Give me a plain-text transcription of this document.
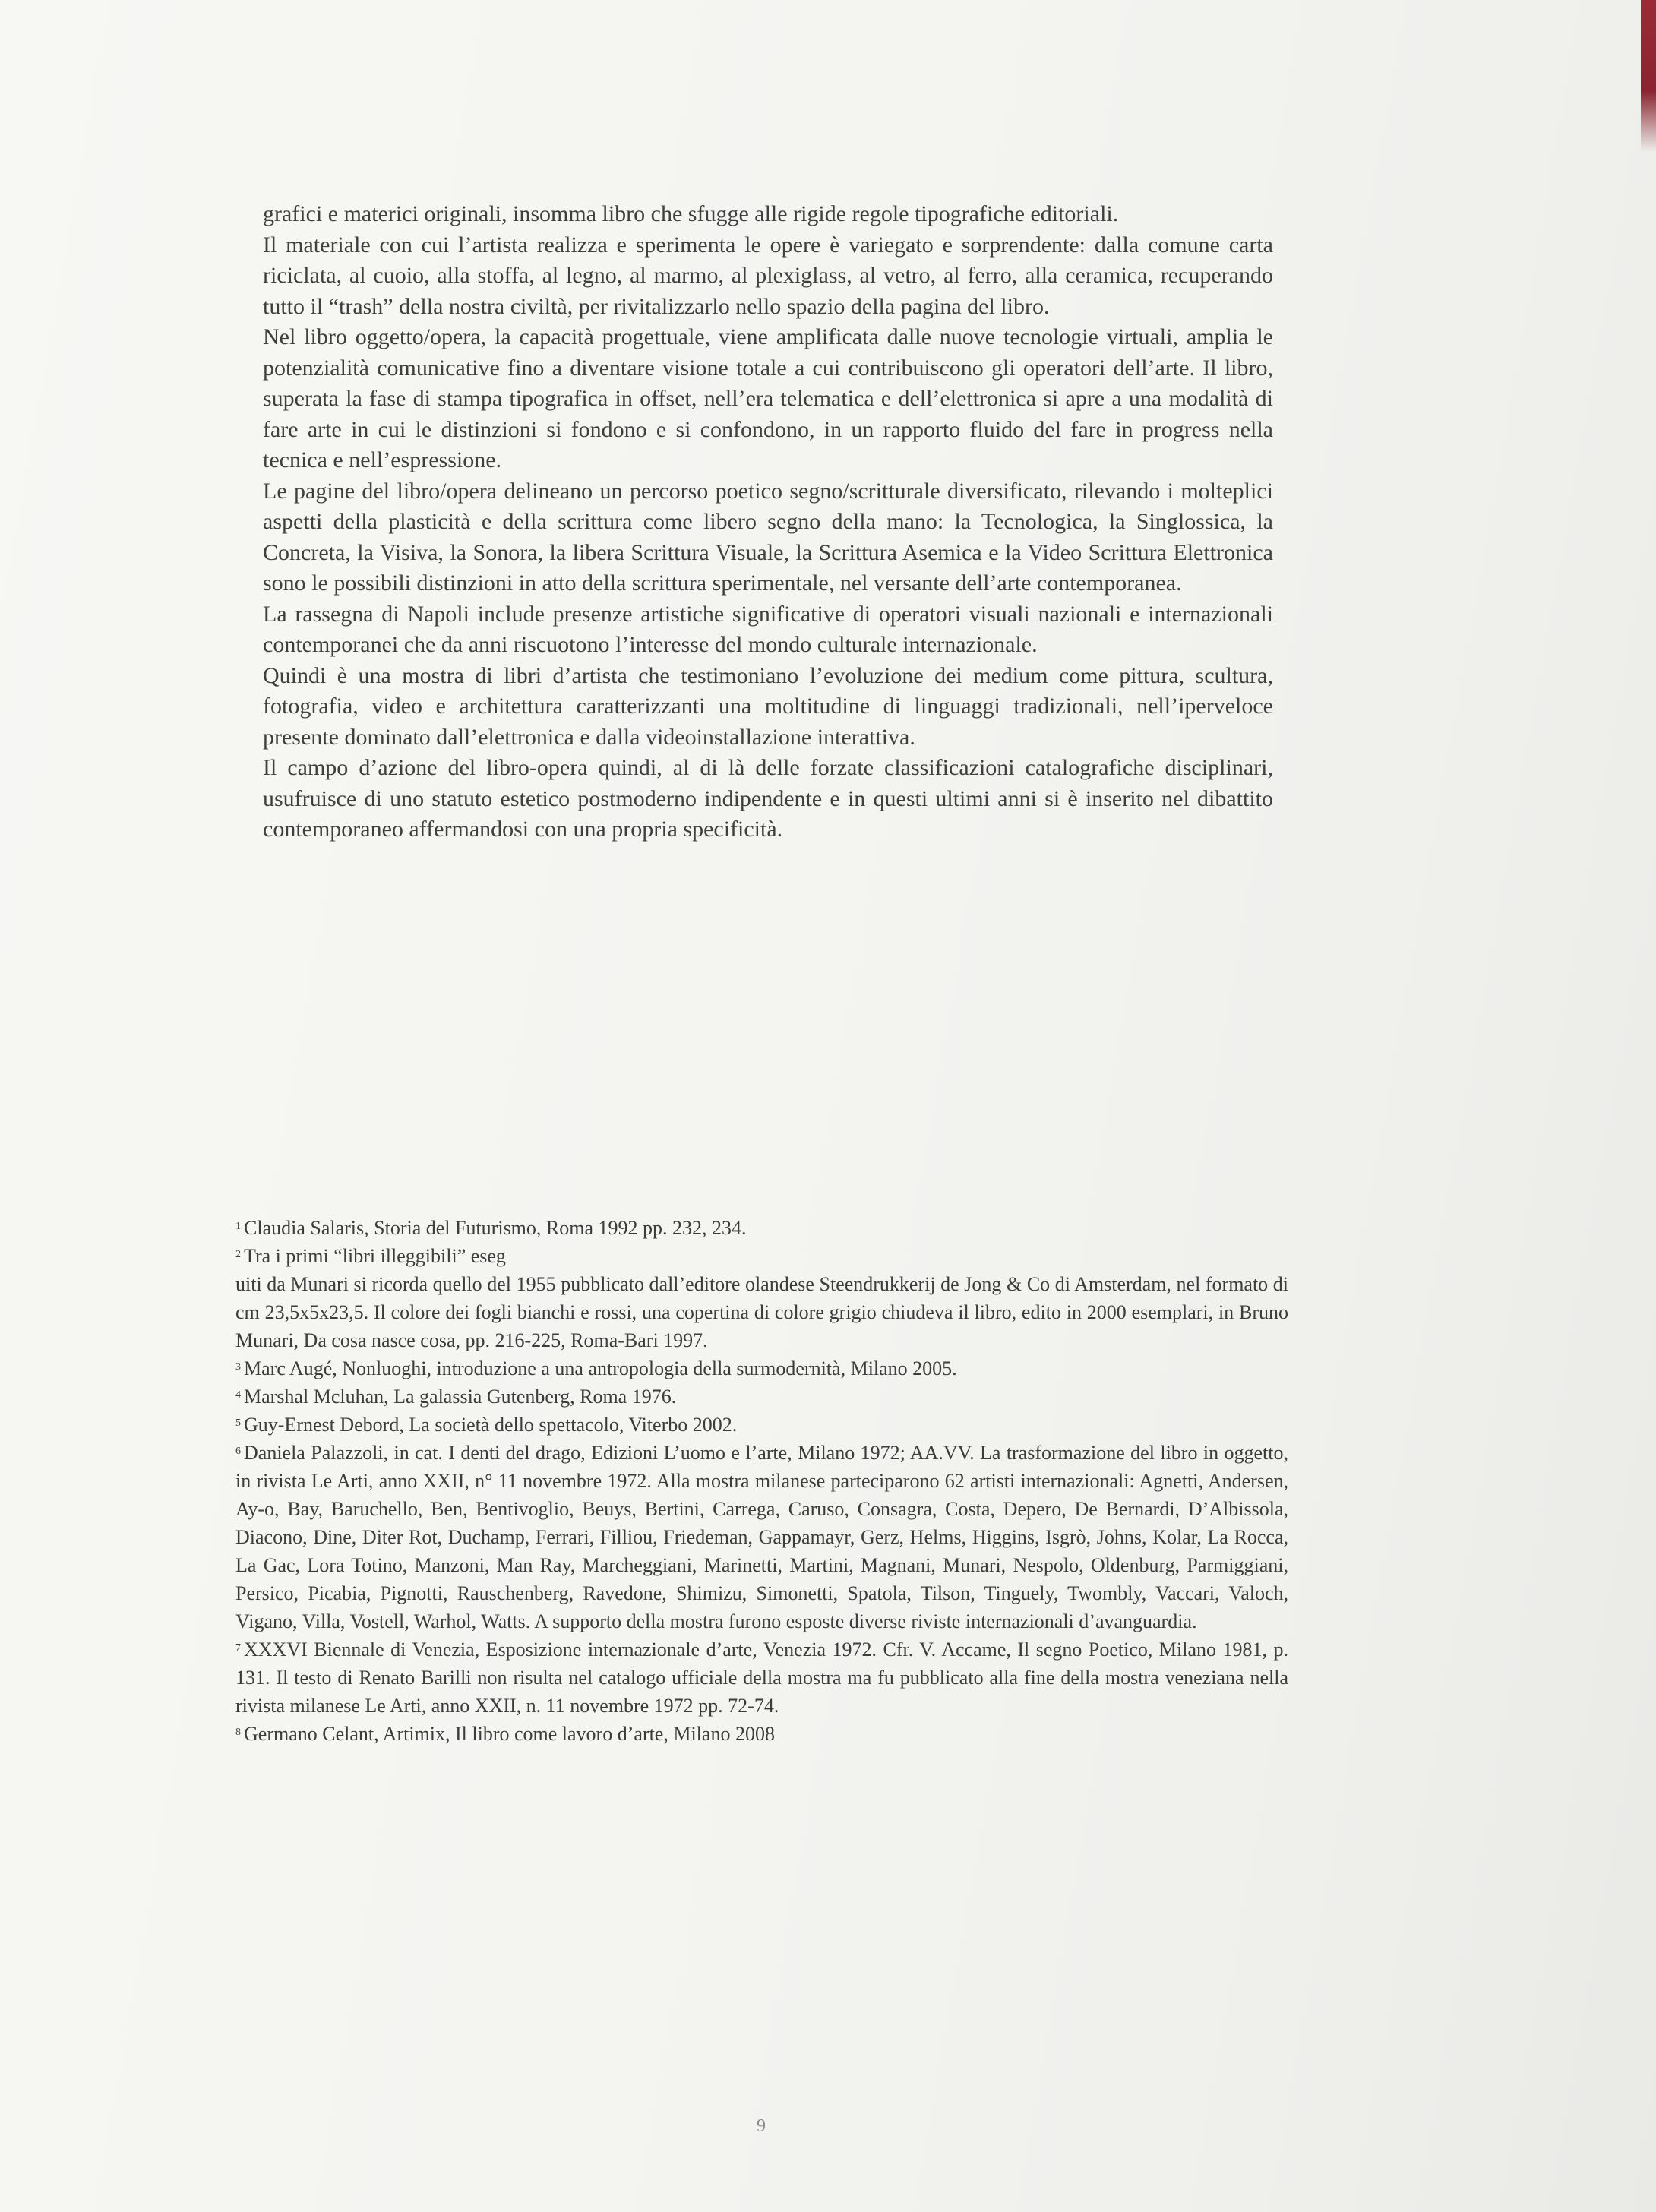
grafici e materici originali, insomma libro che sfugge alle rigide regole tipografiche editoriali.

Il materiale con cui l’artista realizza e sperimenta le opere è variegato e sorprendente: dalla comune carta riciclata, al cuoio, alla stoffa, al legno, al marmo, al plexiglass, al vetro, al ferro, alla ceramica, recuperando tutto il “trash” della nostra civiltà, per rivitalizzarlo nello spazio della pagina del libro.

Nel libro oggetto/opera, la capacità progettuale, viene amplificata dalle nuove tecnologie virtuali, amplia le potenzialità comunicative fino a diventare visione totale a cui contribuiscono gli operatori dell’arte. Il libro, superata la fase di stampa tipografica in offset, nell’era telematica e dell’elettronica si apre a una modalità di fare arte in cui le distinzioni si fondono e si confondono, in un rapporto fluido del fare in progress nella tecnica e nell’espressione.

Le pagine del libro/opera delineano un percorso poetico segno/scritturale diversificato, rilevando i molteplici aspetti della plasticità e della scrittura come libero segno della mano: la Tecnologica, la Singlossica, la Concreta, la Visiva, la Sonora, la libera Scrittura Visuale, la Scrittura Asemica e la Video Scrittura Elettronica sono le possibili distinzioni in atto della scrittura sperimentale, nel versante dell’arte contemporanea.

La rassegna di Napoli include presenze artistiche significative di operatori visuali nazionali e internazionali contemporanei che da anni riscuotono l’interesse del mondo culturale internazionale.

Quindi è una mostra di libri d’artista che testimoniano l’evoluzione dei medium come pittura, scultura, fotografia, video e architettura caratterizzanti una moltitudine di linguaggi tradizionali, nell’iperveloce presente dominato dall’elettronica e dalla videoinstallazione interattiva.

Il campo d’azione del libro-opera quindi, al di là delle forzate classificazioni catalografiche disciplinari, usufruisce di uno statuto estetico postmoderno indipendente e in questi ultimi anni si è inserito nel dibattito contemporaneo affermandosi con una propria specificità.

$^1$ Claudia Salaris, Storia del Futurismo, Roma 1992 pp. 232, 234.

$^2$ Tra i primi “libri illeggibili” eseg

uiti da Munari si ricorda quello del 1955 pubblicato dall’editore olandese Steendrukkerij de Jong & Co di Amsterdam, nel formato di cm 23,5x5x23,5. Il colore dei fogli bianchi e rossi, una copertina di colore grigio chiudeva il libro, edito in 2000 esemplari, in Bruno Munari, Da cosa nasce cosa, pp. 216-225, Roma-Bari 1997.

$^3$ Marc Augé, Nonluoghi, introduzione a una antropologia della surmodernità, Milano 2005.

$^4$ Marshal Mcluhan, La galassia Gutenberg, Roma 1976.

$^5$ Guy-Ernest Debord, La società dello spettacolo, Viterbo 2002.

$^6$ Daniela Palazzoli, in cat. I denti del drago, Edizioni L’uomo e l’arte, Milano 1972; AA.VV. La trasformazione del libro in oggetto, in rivista Le Arti, anno XXII, n° 11 novembre 1972. Alla mostra milanese parteciparono 62 artisti internazionali: Agnetti, Andersen, Ay-o, Bay, Baruchello, Ben, Bentivoglio, Beuys, Bertini, Carrega, Caruso, Consagra, Costa, Depero, De Bernardi, D’Albissola, Diacono, Dine, Diter Rot, Duchamp, Ferrari, Filliou, Friedeman, Gappamayr, Gerz, Helms, Higgins, Isgrò, Johns, Kolar, La Rocca, La Gac, Lora Totino, Manzoni, Man Ray, Marcheggiani, Marinetti, Martini, Magnani, Munari, Nespolo, Oldenburg, Parmiggiani, Persico, Picabia, Pignotti, Rauschenberg, Ravedone, Shimizu, Simonetti, Spatola, Tilson, Tinguely, Twombly, Vaccari, Valoch, Vigano, Villa, Vostell, Warhol, Watts. A supporto della mostra furono esposte diverse riviste internazionali d’avanguardia.

$^7$ XXXVI Biennale di Venezia, Esposizione internazionale d’arte, Venezia 1972. Cfr. V. Accame, Il segno Poetico, Milano 1981, p. 131. Il testo di Renato Barilli non risulta nel catalogo ufficiale della mostra ma fu pubblicato alla fine della mostra veneziana nella rivista milanese Le Arti, anno XXII, n. 11 novembre 1972 pp. 72-74.

$^8$ Germano Celant, Artimix, Il libro come lavoro d’arte, Milano 2008

9
